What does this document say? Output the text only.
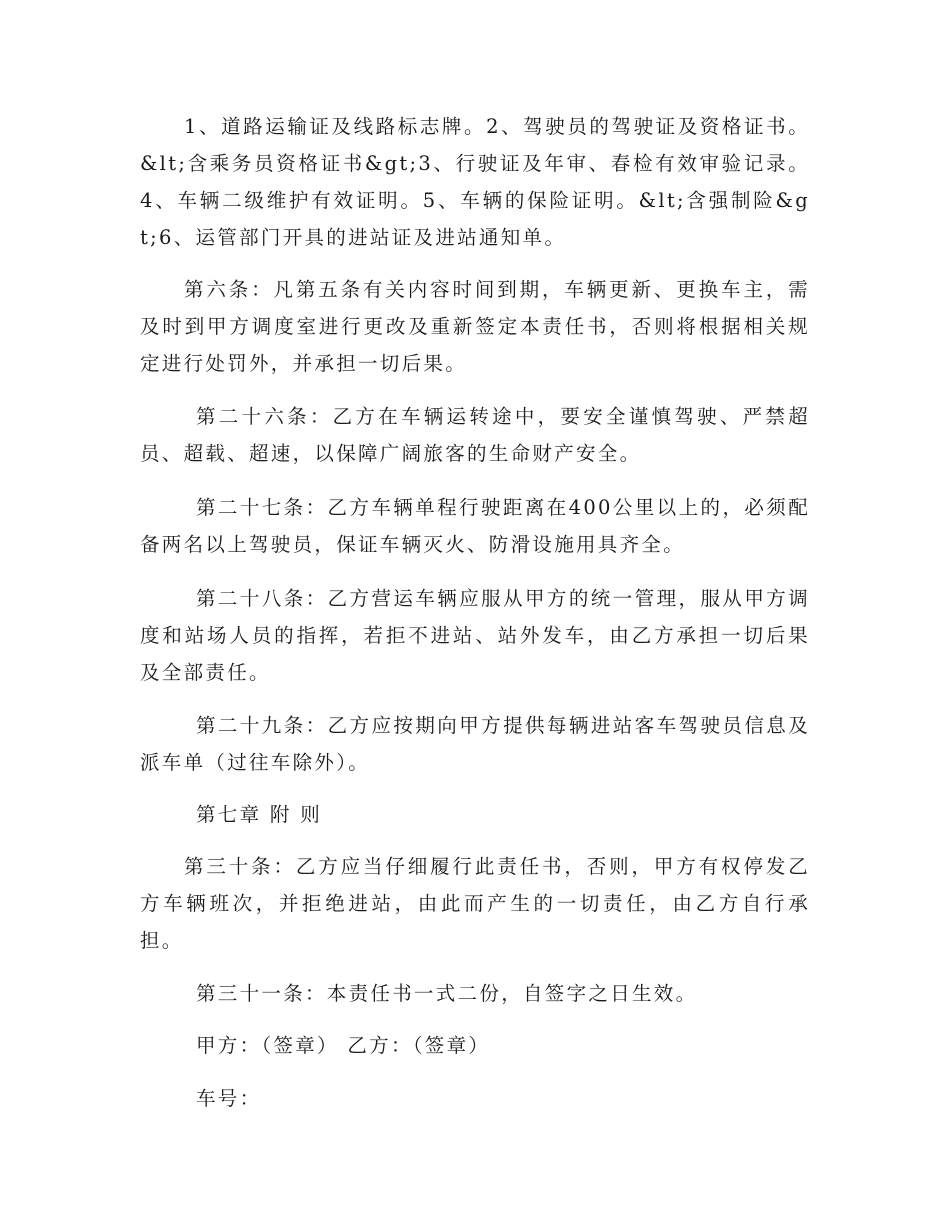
1、道路运输证及线路标志牌。2、驾驶员的驾驶证及资格证书。&lt;含乘务员资格证书&gt;3、行驶证及年审、春检有效审验记录。4、车辆二级维护有效证明。5、车辆的保险证明。&lt;含强制险&gt;6、运管部门开具的进站证及进站通知单。

第六条：凡第五条有关内容时间到期，车辆更新、更换车主，需及时到甲方调度室进行更改及重新签定本责任书，否则将根据相关规定进行处罚外，并承担一切后果。

第二十六条：乙方在车辆运转途中，要安全谨慎驾驶、严禁超员、超载、超速，以保障广阔旅客的生命财产安全。

第二十七条：乙方车辆单程行驶距离在400公里以上的，必须配备两名以上驾驶员，保证车辆灭火、防滑设施用具齐全。

第二十八条：乙方营运车辆应服从甲方的统一管理，服从甲方调度和站场人员的指挥，若拒不进站、站外发车，由乙方承担一切后果及全部责任。

第二十九条：乙方应按期向甲方提供每辆进站客车驾驶员信息及派车单（过往车除外）。

第七章 附 则

第三十条：乙方应当仔细履行此责任书，否则，甲方有权停发乙方车辆班次，并拒绝进站，由此而产生的一切责任，由乙方自行承担。

第三十一条：本责任书一式二份，自签字之日生效。

甲方：（签章） 乙方：（签章）

车号：
